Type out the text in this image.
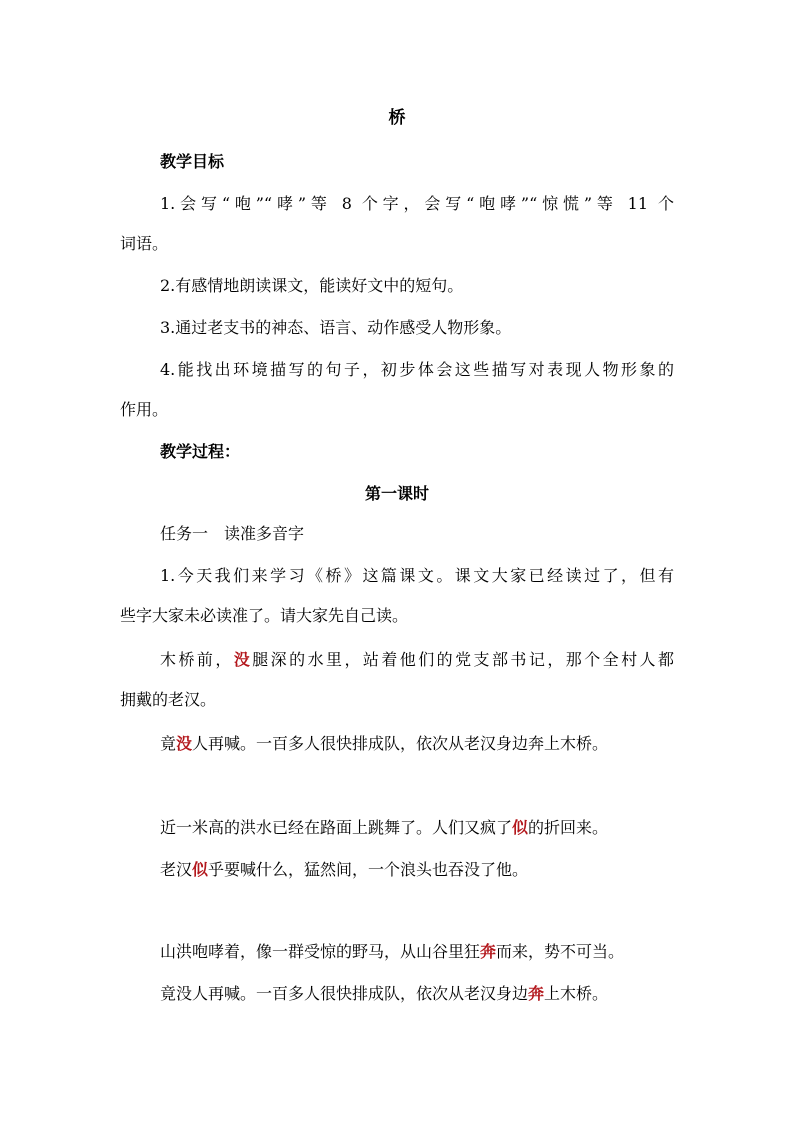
桥
教学目标
1.会写“咆”“哮”等 8 个字，会写“咆哮”“惊慌”等 11 个
词语。
2.有感情地朗读课文，能读好文中的短句。
3.通过老支书的神态、语言、动作感受人物形象。
4.能找出环境描写的句子，初步体会这些描写对表现人物形象的
作用。
教学过程：
第一课时
任务一　读准多音字
1.今天我们来学习《桥》这篇课文。课文大家已经读过了，但有
些字大家未必读准了。请大家先自己读。
木桥前，没腿深的水里，站着他们的党支部书记，那个全村人都
拥戴的老汉。
竟没人再喊。一百多人很快排成队，依次从老汉身边奔上木桥。
近一米高的洪水已经在路面上跳舞了。人们又疯了似的折回来。
老汉似乎要喊什么，猛然间，一个浪头也吞没了他。
山洪咆哮着，像一群受惊的野马，从山谷里狂奔而来，势不可当。
竟没人再喊。一百多人很快排成队，依次从老汉身边奔上木桥。
